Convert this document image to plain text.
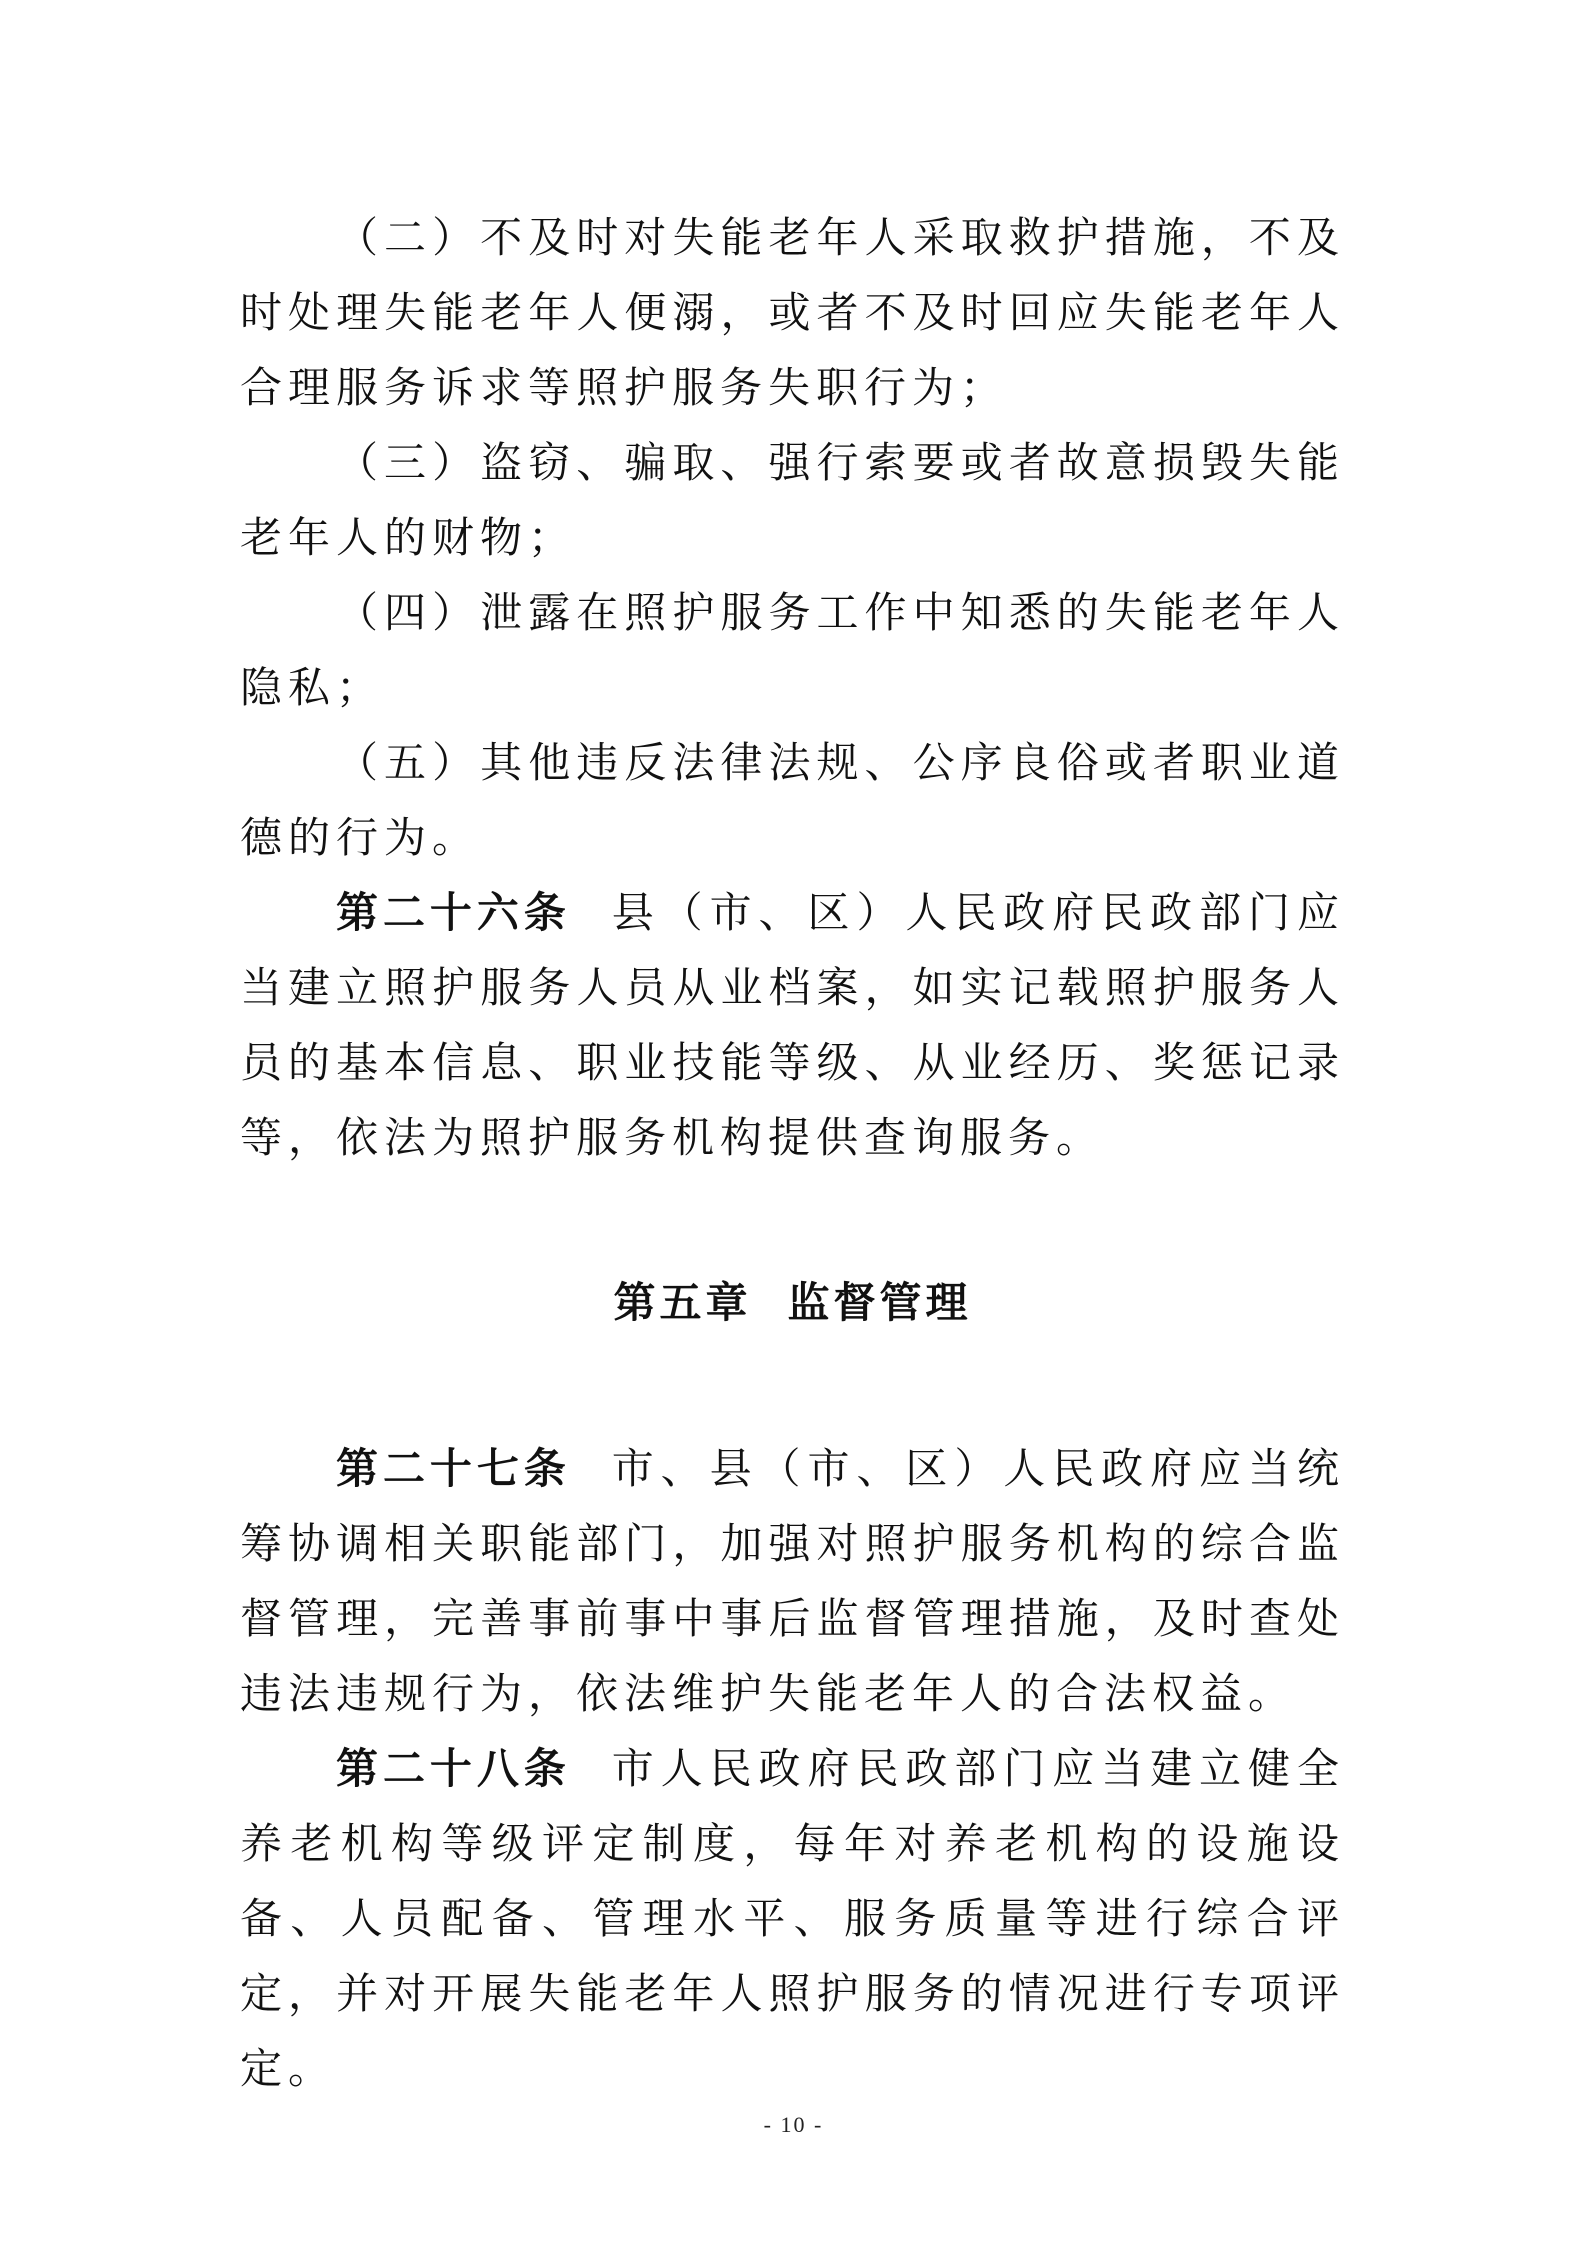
（二）不及时对失能老年人采取救护措施，不及时处理失能老年人便溺，或者不及时回应失能老年人合理服务诉求等照护服务失职行为；

（三）盗窃、骗取、强行索要或者故意损毁失能老年人的财物；

（四）泄露在照护服务工作中知悉的失能老年人隐私；

（五）其他违反法律法规、公序良俗或者职业道德的行为。

第二十六条 县（市、区）人民政府民政部门应当建立照护服务人员从业档案，如实记载照护服务人员的基本信息、职业技能等级、从业经历、奖惩记录等，依法为照护服务机构提供查询服务。

第五章 监督管理

第二十七条 市、县（市、区）人民政府应当统筹协调相关职能部门，加强对照护服务机构的综合监督管理，完善事前事中事后监督管理措施，及时查处违法违规行为，依法维护失能老年人的合法权益。

第二十八条 市人民政府民政部门应当建立健全养老机构等级评定制度，每年对养老机构的设施设备、人员配备、管理水平、服务质量等进行综合评定，并对开展失能老年人照护服务的情况进行专项评定。

- 10 -
